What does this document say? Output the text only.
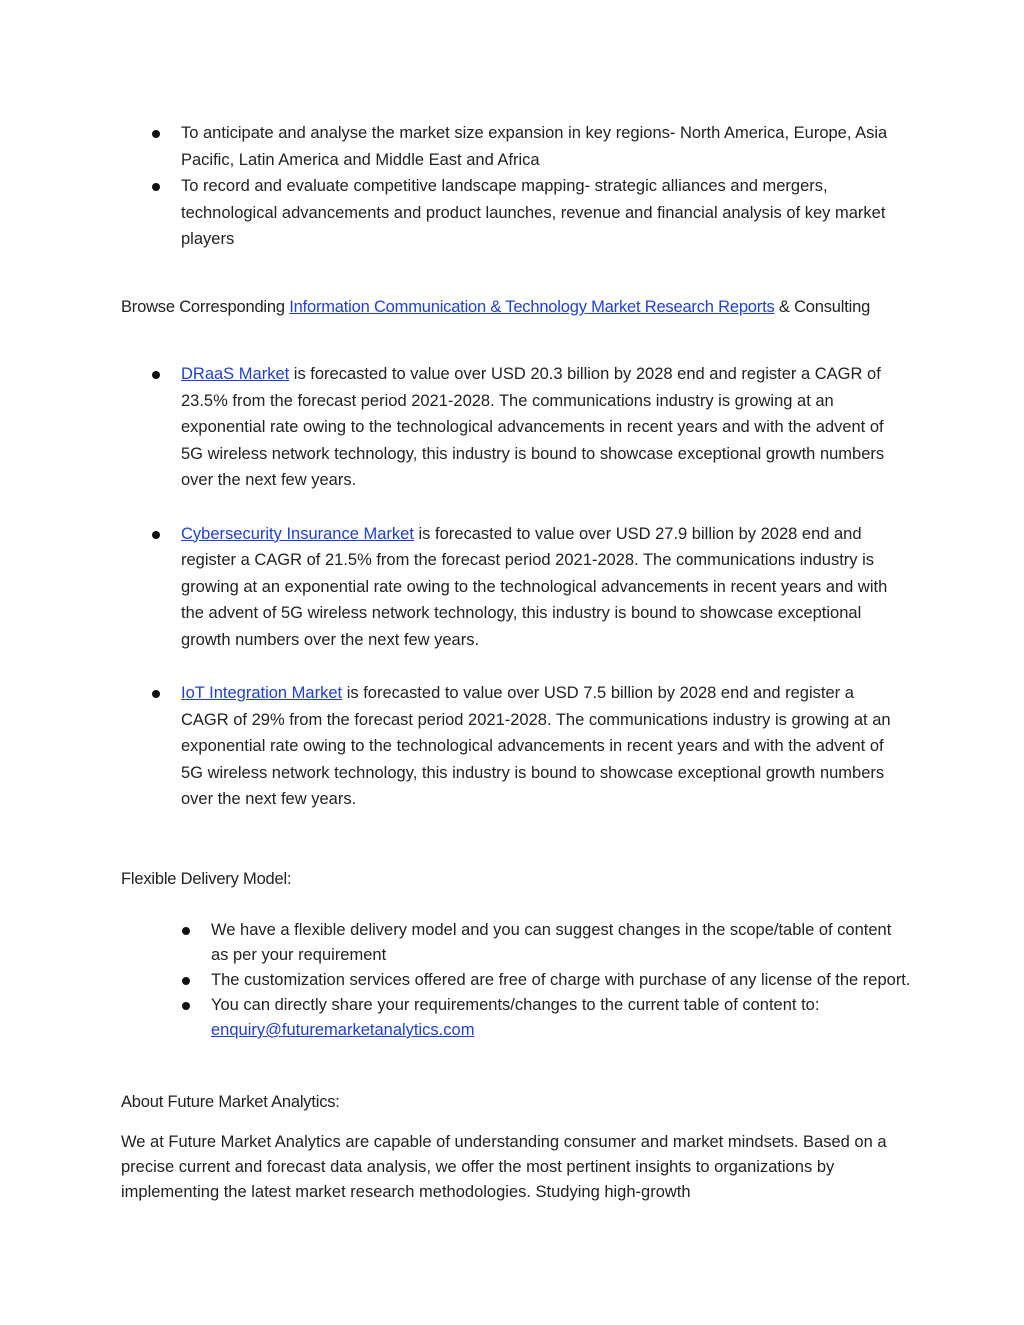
To anticipate and analyse the market size expansion in key regions- North America, Europe, Asia Pacific, Latin America and Middle East and Africa
To record and evaluate competitive landscape mapping- strategic alliances and mergers, technological advancements and product launches, revenue and financial analysis of key market players

Browse Corresponding Information Communication & Technology Market Research Reports & Consulting

DRaaS Market is forecasted to value over USD 20.3 billion by 2028 end and register a CAGR of 23.5% from the forecast period 2021-2028. The communications industry is growing at an exponential rate owing to the technological advancements in recent years and with the advent of 5G wireless network technology, this industry is bound to showcase exceptional growth numbers over the next few years.
Cybersecurity Insurance Market is forecasted to value over USD 27.9 billion by 2028 end and register a CAGR of 21.5% from the forecast period 2021-2028. The communications industry is growing at an exponential rate owing to the technological advancements in recent years and with the advent of 5G wireless network technology, this industry is bound to showcase exceptional growth numbers over the next few years.
IoT Integration Market is forecasted to value over USD 7.5 billion by 2028 end and register a CAGR of 29% from the forecast period 2021-2028. The communications industry is growing at an exponential rate owing to the technological advancements in recent years and with the advent of 5G wireless network technology, this industry is bound to showcase exceptional growth numbers over the next few years.

Flexible Delivery Model:

We have a flexible delivery model and you can suggest changes in the scope/table of content as per your requirement
The customization services offered are free of charge with purchase of any license of the report.
You can directly share your requirements/changes to the current table of content to: enquiry@futuremarketanalytics.com

About Future Market Analytics:

We at Future Market Analytics are capable of understanding consumer and market mindsets. Based on a precise current and forecast data analysis, we offer the most pertinent insights to organizations by implementing the latest market research methodologies. Studying high-growth
